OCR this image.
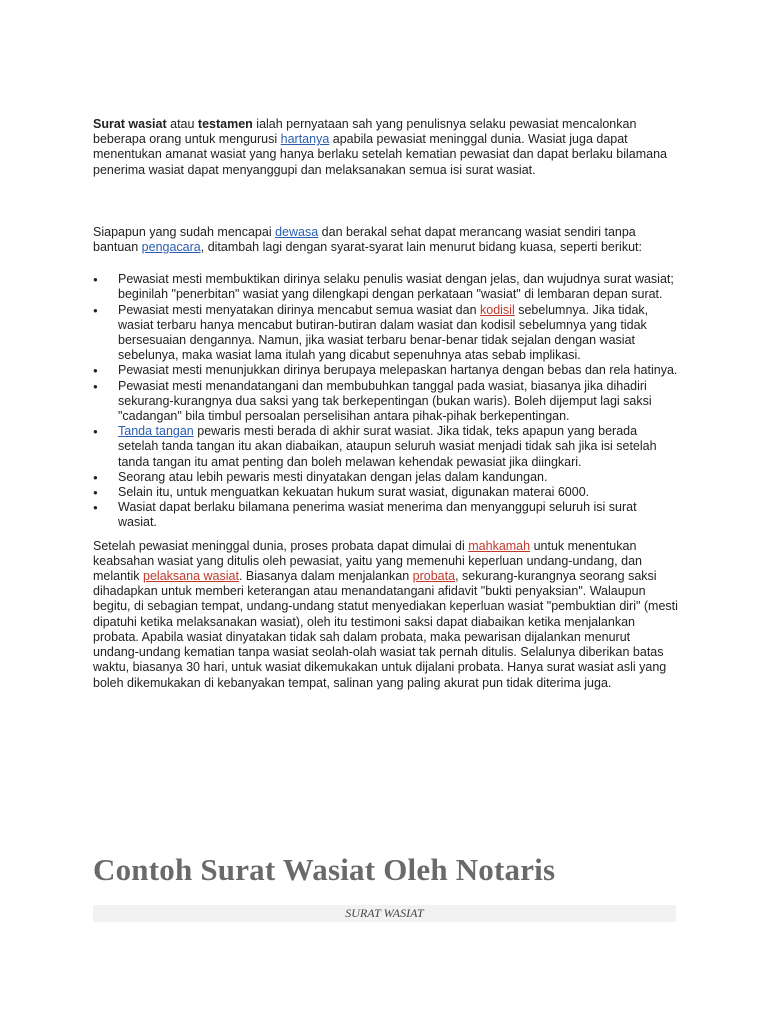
Surat wasiat atau testamen ialah pernyataan sah yang penulisnya selaku pewasiat mencalonkan beberapa orang untuk mengurusi hartanya apabila pewasiat meninggal dunia. Wasiat juga dapat menentukan amanat wasiat yang hanya berlaku setelah kematian pewasiat dan dapat berlaku bilamana penerima wasiat dapat menyanggupi dan melaksanakan semua isi surat wasiat.

Siapapun yang sudah mencapai dewasa dan berakal sehat dapat merancang wasiat sendiri tanpa bantuan pengacara, ditambah lagi dengan syarat-syarat lain menurut bidang kuasa, seperti berikut:

● Pewasiat mesti membuktikan dirinya selaku penulis wasiat dengan jelas, dan wujudnya surat wasiat; beginilah "penerbitan" wasiat yang dilengkapi dengan perkataan "wasiat" di lembaran depan surat.
● Pewasiat mesti menyatakan dirinya mencabut semua wasiat dan kodisil sebelumnya. Jika tidak, wasiat terbaru hanya mencabut butiran-butiran dalam wasiat dan kodisil sebelumnya yang tidak bersesuaian dengannya. Namun, jika wasiat terbaru benar-benar tidak sejalan dengan wasiat sebelunya, maka wasiat lama itulah yang dicabut sepenuhnya atas sebab implikasi.
● Pewasiat mesti menunjukkan dirinya berupaya melepaskan hartanya dengan bebas dan rela hatinya.
● Pewasiat mesti menandatangani dan membubuhkan tanggal pada wasiat, biasanya jika dihadiri sekurang-kurangnya dua saksi yang tak berkepentingan (bukan waris). Boleh dijemput lagi saksi "cadangan" bila timbul persoalan perselisihan antara pihak-pihak berkepentingan.
● Tanda tangan pewaris mesti berada di akhir surat wasiat. Jika tidak, teks apapun yang berada setelah tanda tangan itu akan diabaikan, ataupun seluruh wasiat menjadi tidak sah jika isi setelah tanda tangan itu amat penting dan boleh melawan kehendak pewasiat jika diingkari.
● Seorang atau lebih pewaris mesti dinyatakan dengan jelas dalam kandungan.
● Selain itu, untuk menguatkan kekuatan hukum surat wasiat, digunakan materai 6000.
● Wasiat dapat berlaku bilamana penerima wasiat menerima dan menyanggupi seluruh isi surat wasiat.

Setelah pewasiat meninggal dunia, proses probata dapat dimulai di mahkamah untuk menentukan keabsahan wasiat yang ditulis oleh pewasiat, yaitu yang memenuhi keperluan undang-undang, dan melantik pelaksana wasiat. Biasanya dalam menjalankan probata, sekurang-kurangnya seorang saksi dihadapkan untuk memberi keterangan atau menandatangani afidavit "bukti penyaksian". Walaupun begitu, di sebagian tempat, undang-undang statut menyediakan keperluan wasiat "pembuktian diri" (mesti dipatuhi ketika melaksanakan wasiat), oleh itu testimoni saksi dapat diabaikan ketika menjalankan probata. Apabila wasiat dinyatakan tidak sah dalam probata, maka pewarisan dijalankan menurut undang-undang kematian tanpa wasiat seolah-olah wasiat tak pernah ditulis. Selalunya diberikan batas waktu, biasanya 30 hari, untuk wasiat dikemukakan untuk dijalani probata. Hanya surat wasiat asli yang boleh dikemukakan di kebanyakan tempat, salinan yang paling akurat pun tidak diterima juga.

Contoh Surat Wasiat Oleh Notaris
SURAT WASIAT
